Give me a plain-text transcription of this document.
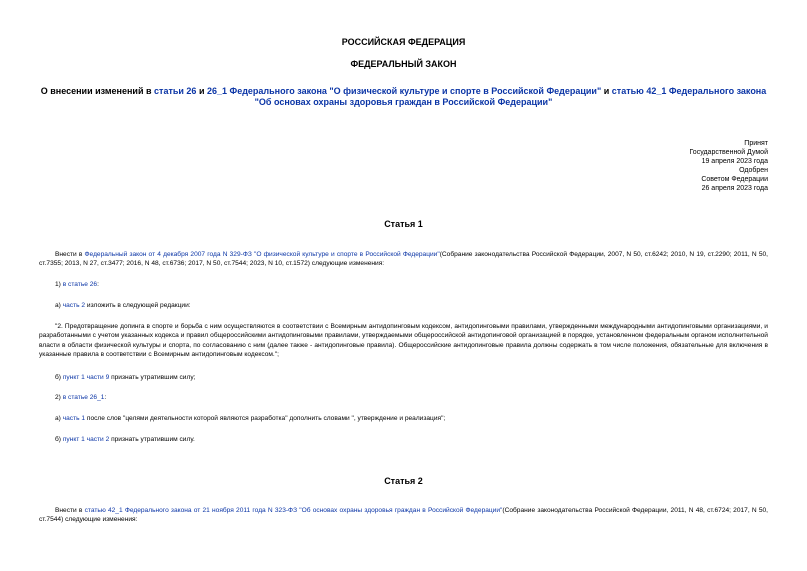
РОССИЙСКАЯ ФЕДЕРАЦИЯ
ФЕДЕРАЛЬНЫЙ ЗАКОН
О внесении изменений в статьи 26 и 26_1 Федерального закона "О физической культуре и спорте в Российской Федерации" и статью 42_1 Федерального закона
"Об основах охраны здоровья граждан в Российской Федерации"
Принят
Государственной Думой
19 апреля 2023 года
Одобрен
Советом Федерации
26 апреля 2023 года
Статья 1
Внести в Федеральный закон от 4 декабря 2007 года N 329-ФЗ "О физической культуре и спорте в Российской Федерации"(Собрание законодательства Российской Федерации, 2007, N 50, ст.6242; 2010, N 19, ст.2290; 2011, N 50, ст.7355; 2013, N 27, ст.3477; 2016, N 48, ст.6736; 2017, N 50, ст.7544; 2023, N 10, ст.1572) следующие изменения:
1) в статье 26:
а) часть 2 изложить в следующей редакции:
"2. Предотвращение допинга в спорте и борьба с ним осуществляются в соответствии с Всемирным антидопинговым кодексом, антидопинговыми правилами, утвержденными международными антидопинговыми организациями, и разработанными с учетом указанных кодекса и правил общероссийскими антидопинговыми правилами, утверждаемыми общероссийской антидопинговой организацией в порядке, установленном федеральным органом исполнительной власти в области физической культуры и спорта, по согласованию с ним (далее также - антидопинговые правила). Общероссийские антидопинговые правила должны содержать в том числе положения, обязательные для включения в указанные правила в соответствии с Всемирным антидопинговым кодексом.";
б) пункт 1 части 9 признать утратившим силу;
2) в статье 26_1:
а) часть 1 после слов "целями деятельности которой являются разработка" дополнить словами ", утверждение и реализация";
б) пункт 1 части 2 признать утратившим силу.
Статья 2
Внести в статью 42_1 Федерального закона от 21 ноября 2011 года N 323-ФЗ "Об основах охраны здоровья граждан в Российской Федерации"(Собрание законодательства Российской Федерации, 2011, N 48, ст.6724; 2017, N 50, ст.7544) следующие изменения:
